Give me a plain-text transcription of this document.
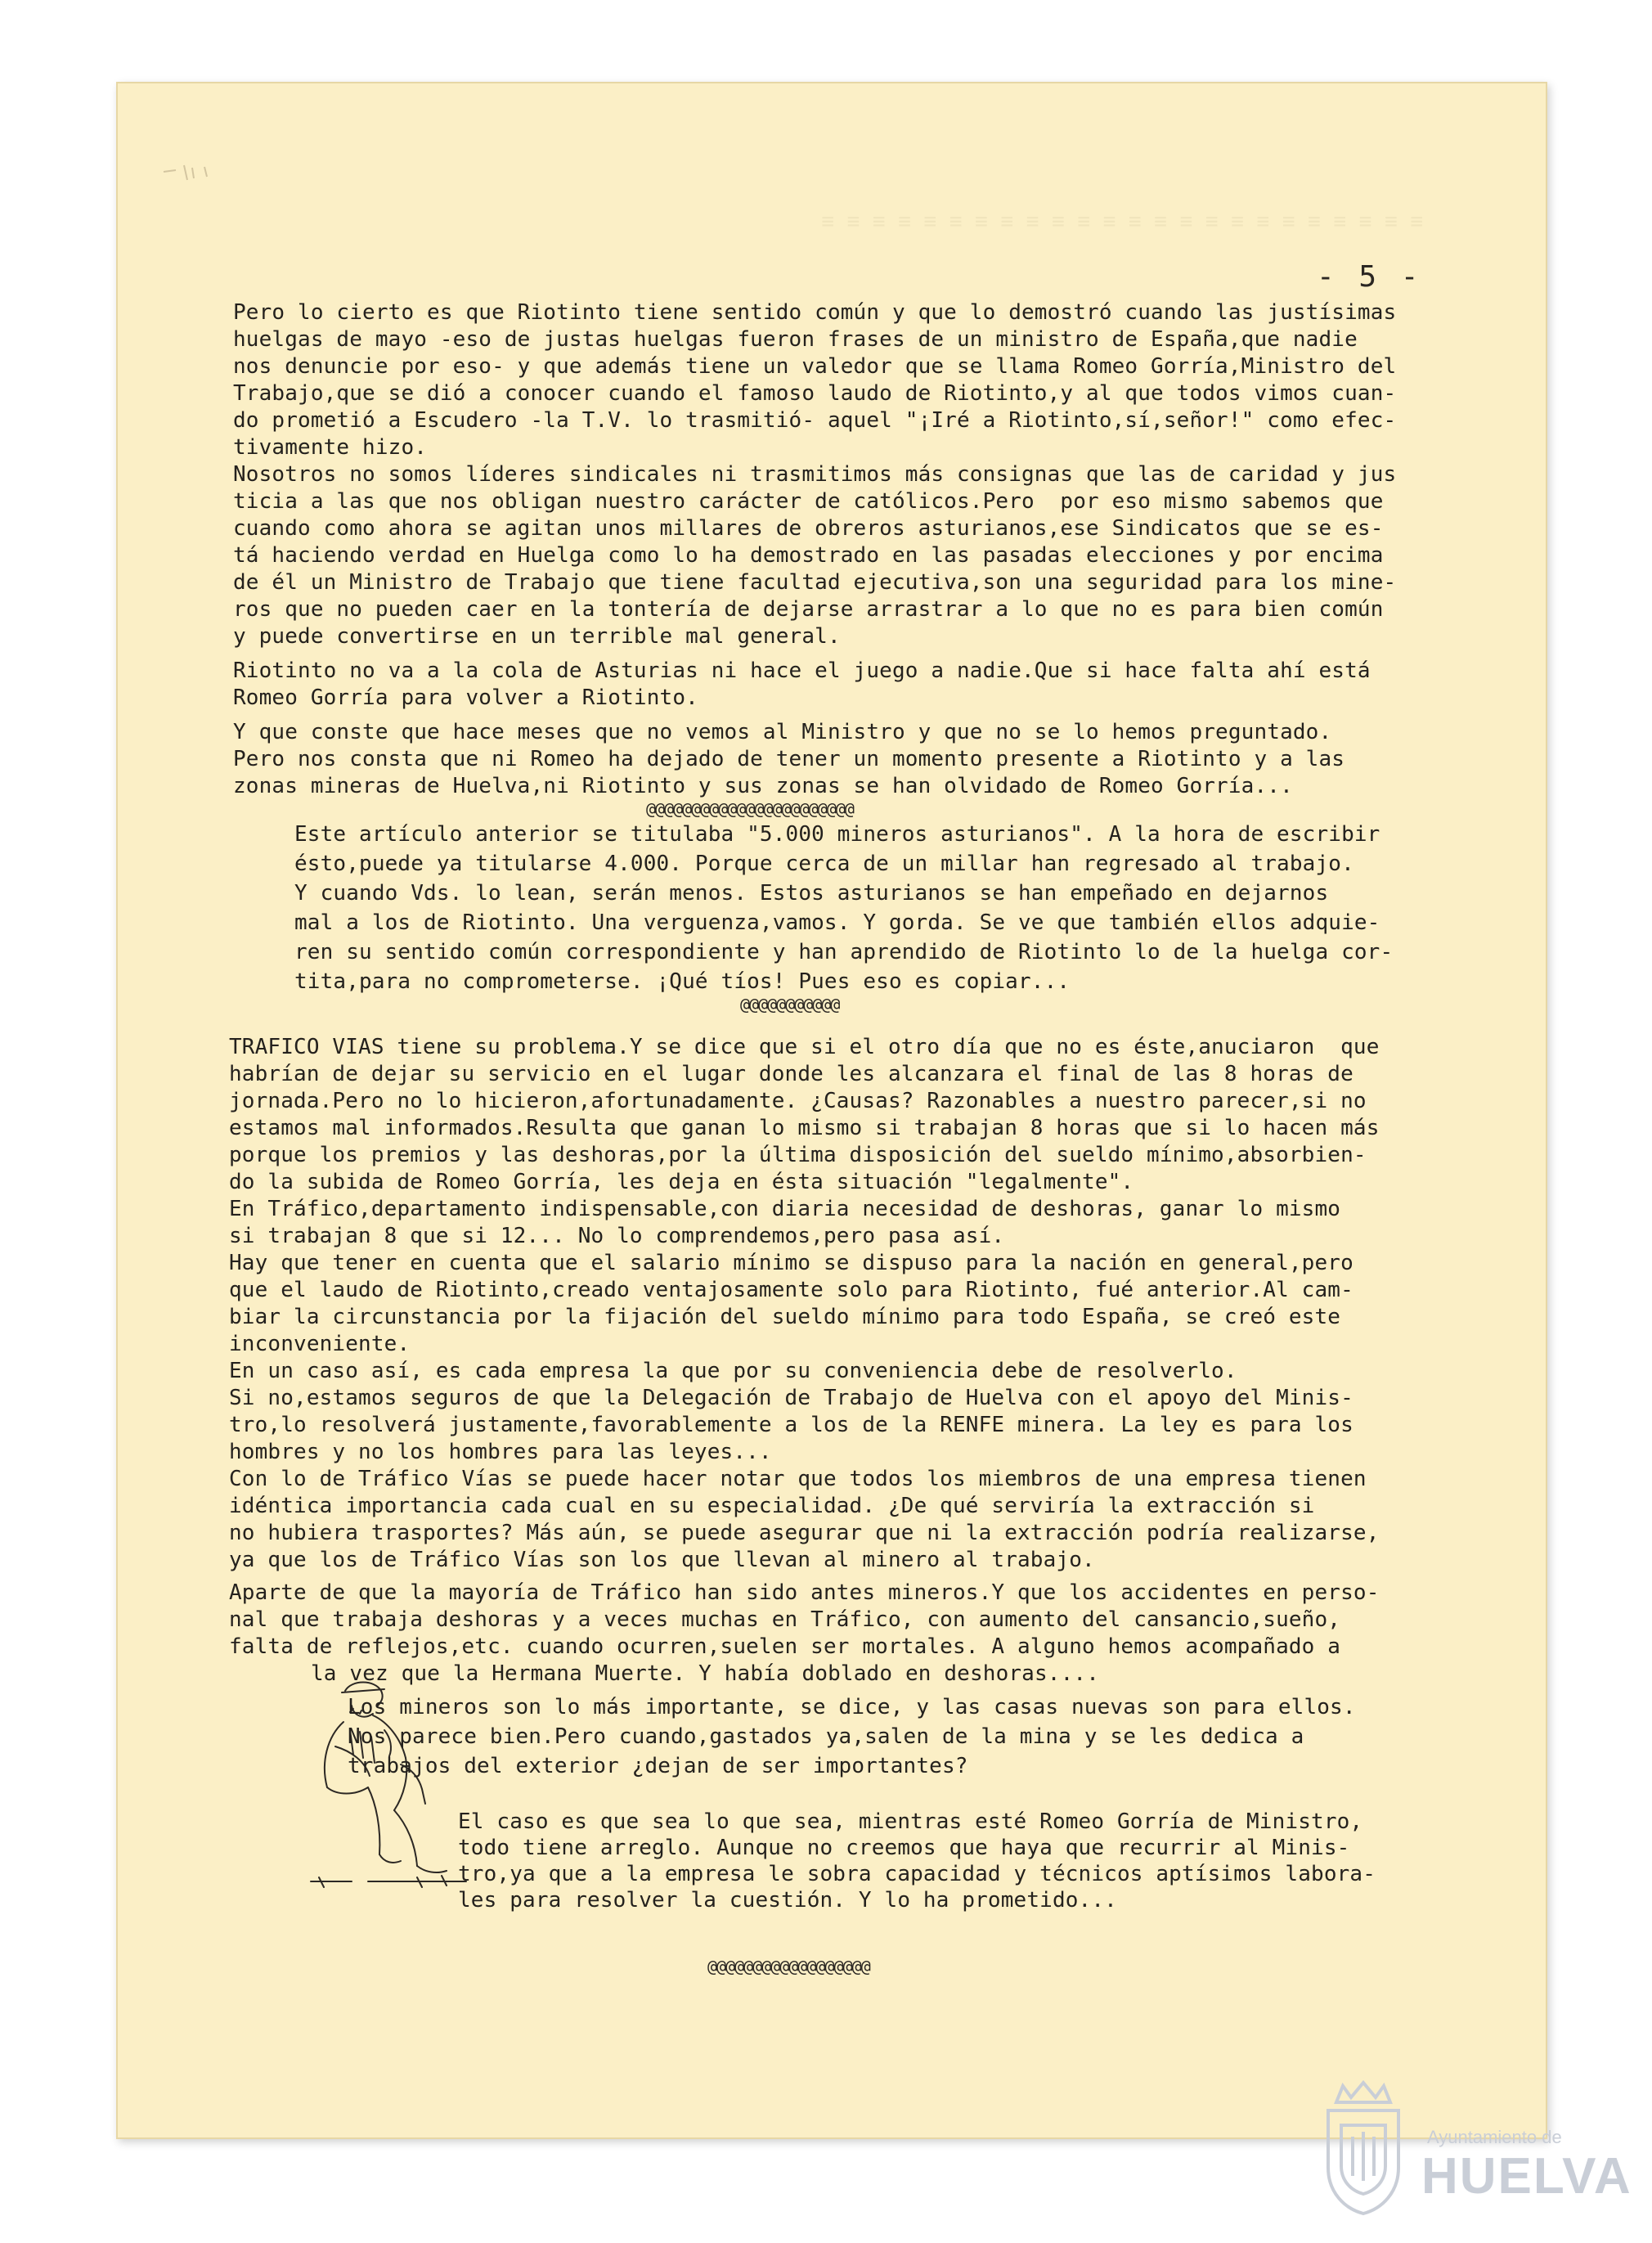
≡ ≡ ≡ ≡ ≡ ≡ ≡ ≡ ≡ ≡ ≡ ≡ ≡ ≡ ≡ ≡ ≡ ≡ ≡ ≡ ≡ ≡ ≡ ≡
- 5 -
Pero lo cierto es que Riotinto tiene sentido común y que lo demostró cuando las justísimas
huelgas de mayo -eso de justas huelgas fueron frases de un ministro de España,que nadie
nos denuncie por eso- y que además tiene un valedor que se llama Romeo Gorría,Ministro del
Trabajo,que se dió a conocer cuando el famoso laudo de Riotinto,y al que todos vimos cuan-
do prometió a Escudero -la T.V. lo trasmitió- aquel "¡Iré a Riotinto,sí,señor!" como efec-
tivamente hizo.
Nosotros no somos líderes sindicales ni trasmitimos más consignas que las de caridad y jus
ticia a las que nos obligan nuestro carácter de católicos.Pero  por eso mismo sabemos que
cuando como ahora se agitan unos millares de obreros asturianos,ese Sindicatos que se es-
tá haciendo verdad en Huelga como lo ha demostrado en las pasadas elecciones y por encima
de él un Ministro de Trabajo que tiene facultad ejecutiva,son una seguridad para los mine-
ros que no pueden caer en la tontería de dejarse arrastrar a lo que no es para bien común
y puede convertirse en un terrible mal general.
Riotinto no va a la cola de Asturias ni hace el juego a nadie.Que si hace falta ahí está
Romeo Gorría para volver a Riotinto.
Y que conste que hace meses que no vemos al Ministro y que no se lo hemos preguntado.
Pero nos consta que ni Romeo ha dejado de tener un momento presente a Riotinto y a las
zonas mineras de Huelva,ni Riotinto y sus zonas se han olvidado de Romeo Gorría...
@@@@@@@@@@@@@@@@@@@@@@@
Este artículo anterior se titulaba "5.000 mineros asturianos". A la hora de escribir
ésto,puede ya titularse 4.000. Porque cerca de un millar han regresado al trabajo.
Y cuando Vds. lo lean, serán menos. Estos asturianos se han empeñado en dejarnos
mal a los de Riotinto. Una verguenza,vamos. Y gorda. Se ve que también ellos adquie-
ren su sentido común correspondiente y han aprendido de Riotinto lo de la huelga cor-
tita,para no comprometerse. ¡Qué tíos! Pues eso es copiar...
@@@@@@@@@@@
TRAFICO VIAS tiene su problema.Y se dice que si el otro día que no es éste,anuciaron  que
habrían de dejar su servicio en el lugar donde les alcanzara el final de las 8 horas de
jornada.Pero no lo hicieron,afortunadamente. ¿Causas? Razonables a nuestro parecer,si no
estamos mal informados.Resulta que ganan lo mismo si trabajan 8 horas que si lo hacen más
porque los premios y las deshoras,por la última disposición del sueldo mínimo,absorbien-
do la subida de Romeo Gorría, les deja en ésta situación "legalmente".
En Tráfico,departamento indispensable,con diaria necesidad de deshoras, ganar lo mismo
si trabajan 8 que si 12... No lo comprendemos,pero pasa así.
Hay que tener en cuenta que el salario mínimo se dispuso para la nación en general,pero
que el laudo de Riotinto,creado ventajosamente solo para Riotinto, fué anterior.Al cam-
biar la circunstancia por la fijación del sueldo mínimo para todo España, se creó este
inconveniente.
En un caso así, es cada empresa la que por su conveniencia debe de resolverlo.
Si no,estamos seguros de que la Delegación de Trabajo de Huelva con el apoyo del Minis-
tro,lo resolverá justamente,favorablemente a los de la RENFE minera. La ley es para los
hombres y no los hombres para las leyes...
Con lo de Tráfico Vías se puede hacer notar que todos los miembros de una empresa tienen
idéntica importancia cada cual en su especialidad. ¿De qué serviría la extracción si
no hubiera trasportes? Más aún, se puede asegurar que ni la extracción podría realizarse,
ya que los de Tráfico Vías son los que llevan al minero al trabajo.
Aparte de que la mayoría de Tráfico han sido antes mineros.Y que los accidentes en perso-
nal que trabaja deshoras y a veces muchas en Tráfico, con aumento del cansancio,sueño,
falta de reflejos,etc. cuando ocurren,suelen ser mortales. A alguno hemos acompañado a
la vez que la Hermana Muerte. Y había doblado en deshoras....
Los mineros son lo más importante, se dice, y las casas nuevas son para ellos.
Nos parece bien.Pero cuando,gastados ya,salen de la mina y se les dedica a
trabajos del exterior ¿dejan de ser importantes?
El caso es que sea lo que sea, mientras esté Romeo Gorría de Ministro,
todo tiene arreglo. Aunque no creemos que haya que recurrir al Minis-
tro,ya que a la empresa le sobra capacidad y técnicos aptísimos labora-
les para resolver la cuestión. Y lo ha prometido...
@@@@@@@@@@@@@@@@@@
Ayuntamiento de
HUELVA
